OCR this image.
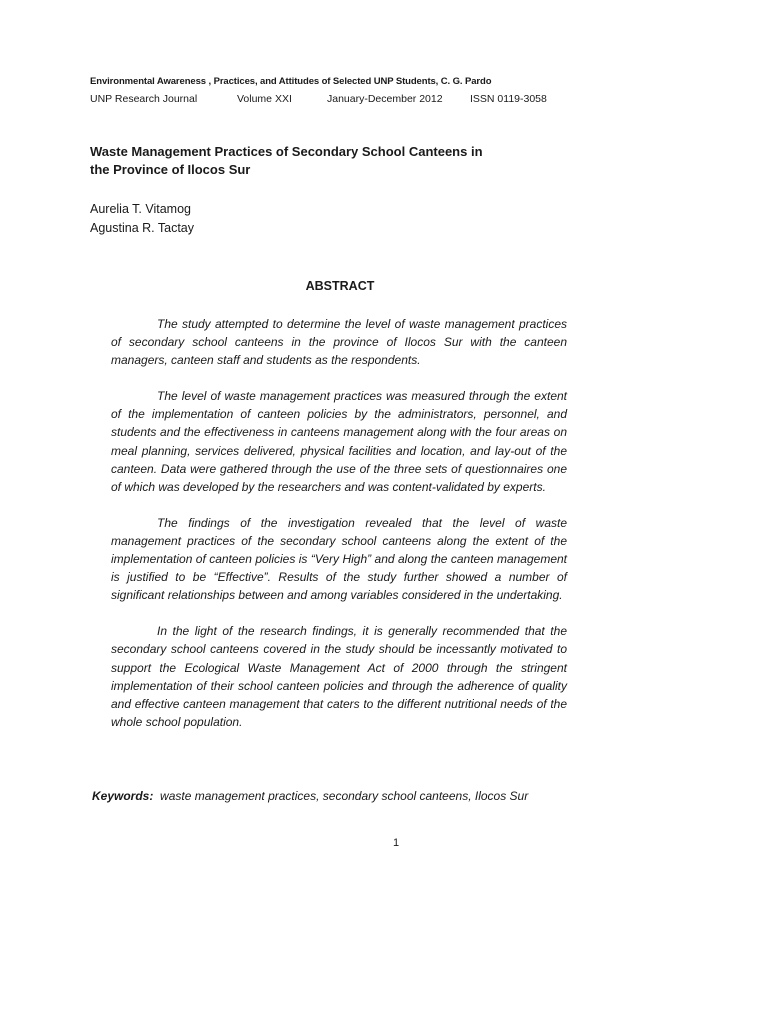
Environmental Awareness , Practices, and Attitudes of Selected UNP Students, C. G. Pardo
UNP Research Journal	Volume XXI	January-December 2012	ISSN 0119-3058
Waste Management Practices of Secondary School Canteens in
the Province of Ilocos Sur
Aurelia T. Vitamog
Agustina R. Tactay
ABSTRACT

The study attempted to determine the level of waste management practices of secondary school canteens in the province of Ilocos Sur with the canteen managers, canteen staff and students as the respondents.

The level of waste management practices was measured through the extent of the implementation of canteen policies by the administrators, personnel, and students and the effectiveness in canteens management along with the four areas on meal planning, services delivered, physical facilities and location, and lay-out of the canteen. Data were gathered through the use of the three sets of questionnaires one of which was developed by the researchers and was content-validated by experts.

The findings of the investigation revealed that the level of waste management practices of the secondary school canteens along the extent of the implementation of canteen policies is “Very High” and along the canteen management is justified to be “Effective”. Results of the study further showed a number of significant relationships between and among variables considered in the undertaking.

In the light of the research findings, it is generally recommended that the secondary school canteens covered in the study should be incessantly motivated to support the Ecological Waste Management Act of 2000 through the stringent implementation of their school canteen policies and through the adherence of quality and effective canteen management that caters to the different nutritional needs of the whole school population.

Keywords: waste management practices, secondary school canteens, Ilocos Sur
1
